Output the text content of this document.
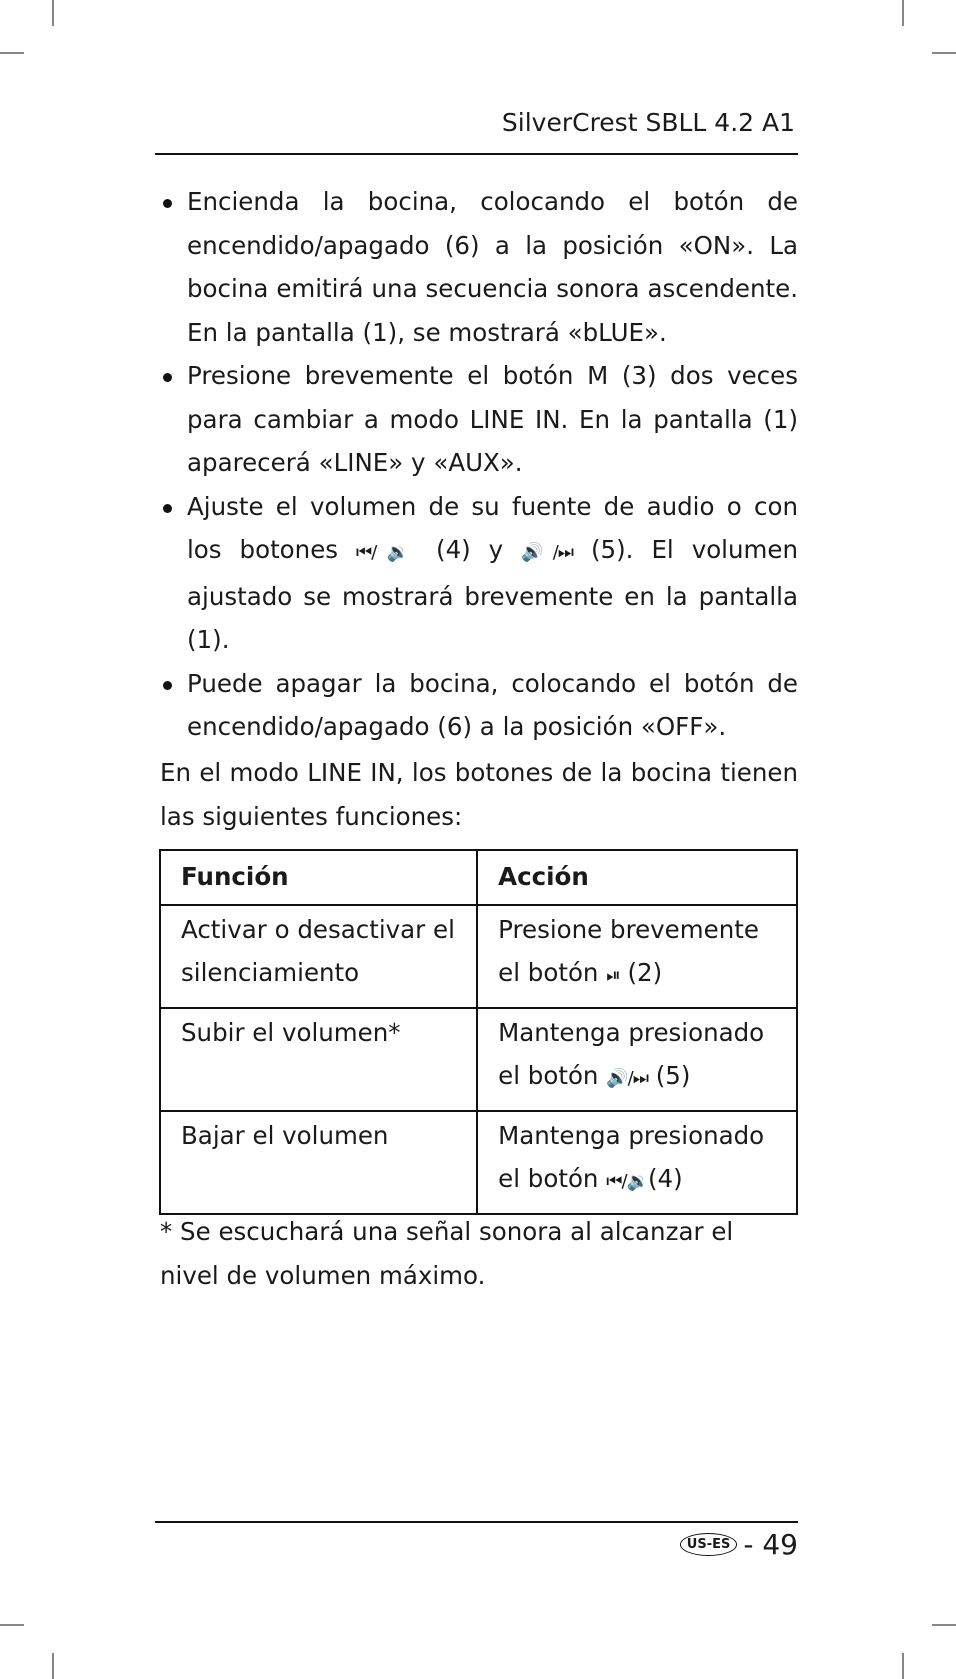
SilverCrest SBLL 4.2 A1
Encienda la bocina, colocando el botón de encendido/apagado (6) a la posición «ON». La bocina emitirá una secuencia sonora ascendente. En la pantalla (1), se mostrará «bLUE».
Presione brevemente el botón M (3) dos veces para cambiar a modo LINE IN. En la pantalla (1) aparecerá «LINE» y «AUX».
Ajuste el volumen de su fuente de audio o con los botones ⏮/🔉 (4) y 🔊/⏭ (5). El volumen ajustado se mostrará brevemente en la pantalla (1).
Puede apagar la bocina, colocando el botón de encendido/apagado (6) a la posición «OFF».
En el modo LINE IN, los botones de la bocina tienen las siguientes funciones:
Función	Acción
Activar o desactivar el silenciamiento	Presione brevemente el botón ⏯ (2)
Subir el volumen*	Mantenga presionado el botón 🔊/⏭ (5)
Bajar el volumen	Mantenga presionado el botón ⏮/🔉(4)
* Se escuchará una señal sonora al alcanzar el nivel de volumen máximo.
US-ES - 49
